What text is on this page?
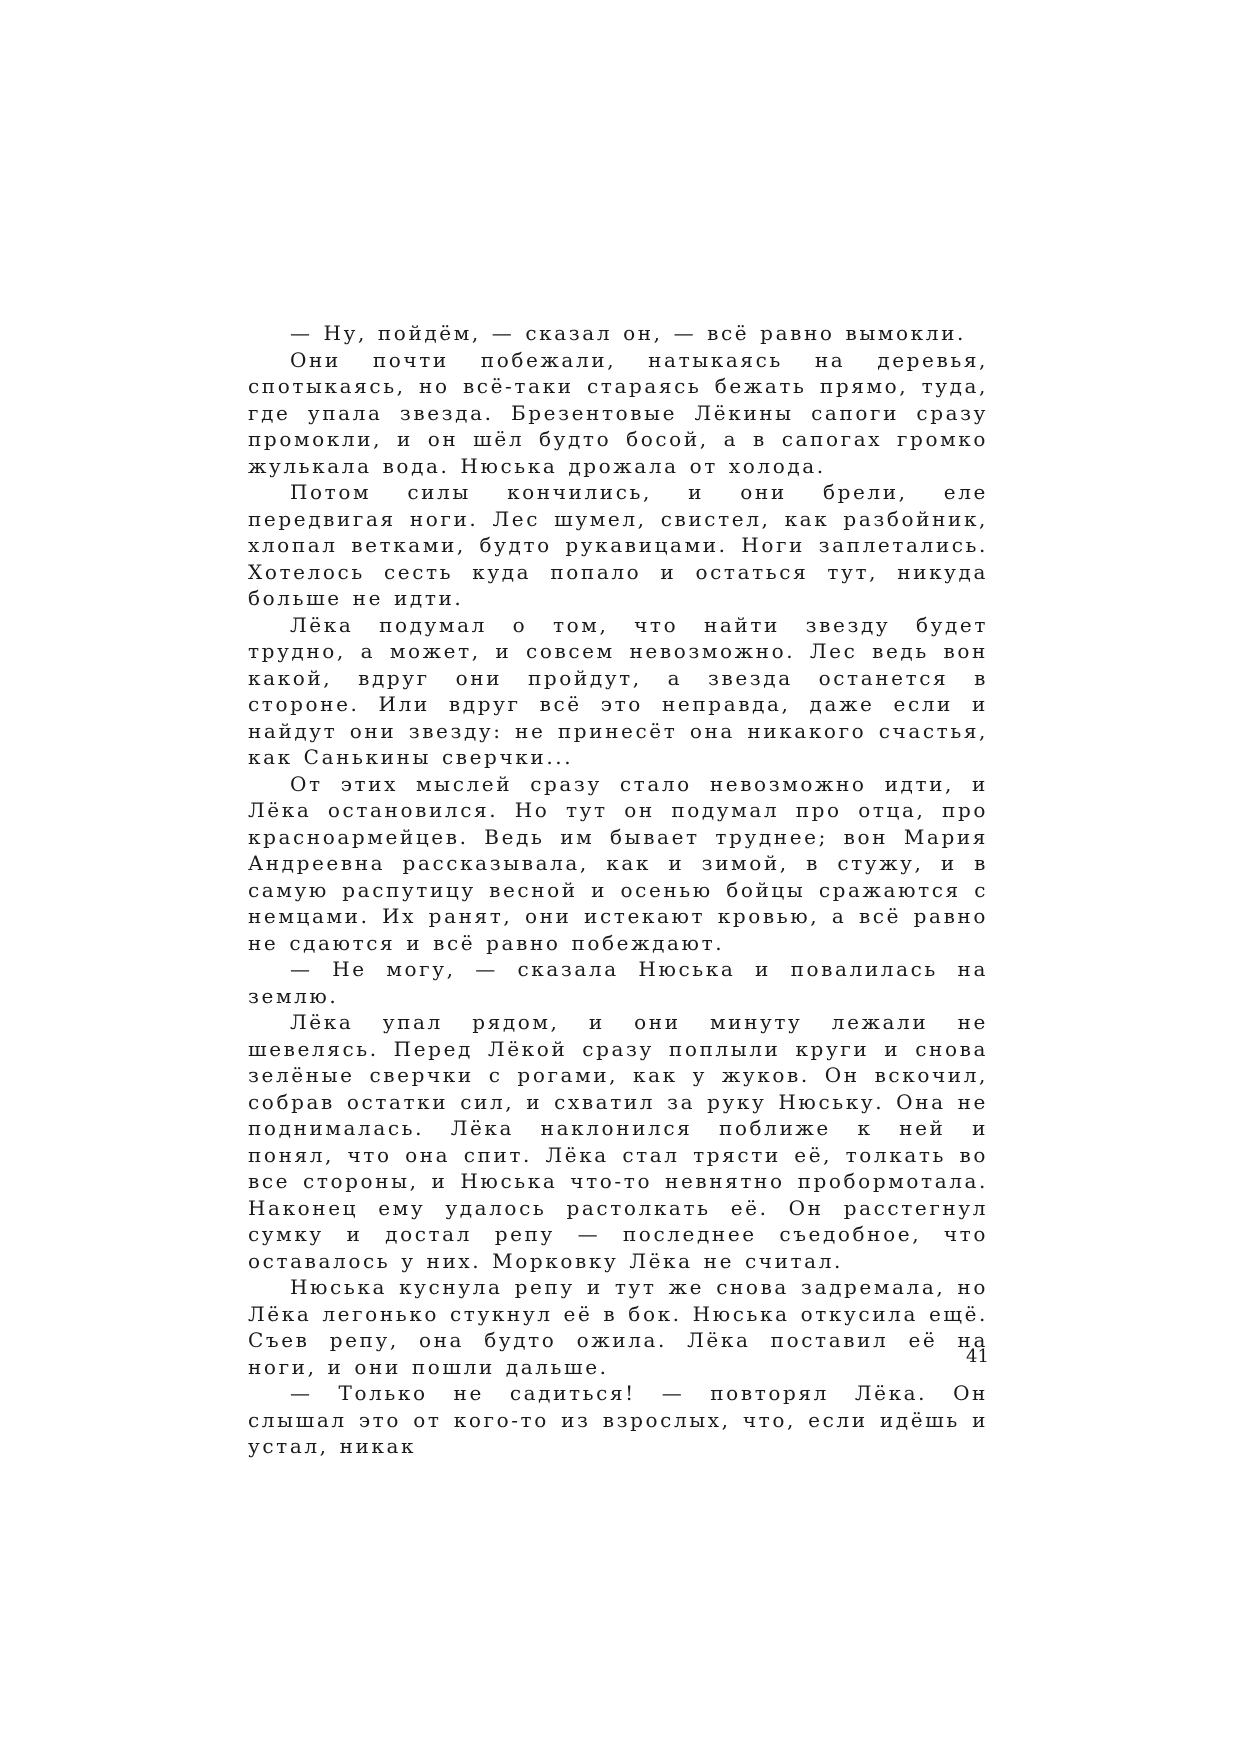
— Ну, пойдём, — сказал он, — всё равно вымокли.

Они почти побежали, натыкаясь на деревья, спотыкаясь, но всё-таки стараясь бежать прямо, туда, где упала звезда. Брезентовые Лёкины сапоги сразу промокли, и он шёл будто босой, а в сапогах громко жулькала вода. Нюська дрожала от холода.

Потом силы кончились, и они брели, еле передвигая ноги. Лес шумел, свистел, как разбойник, хлопал ветками, будто рукавицами. Ноги заплетались. Хотелось сесть куда попало и остаться тут, никуда больше не идти.

Лёка подумал о том, что найти звезду будет трудно, а может, и совсем невозможно. Лес ведь вон какой, вдруг они пройдут, а звезда останется в стороне. Или вдруг всё это неправда, даже если и найдут они звезду: не принесёт она никакого счастья, как Санькины сверчки...

От этих мыслей сразу стало невозможно идти, и Лёка остановился. Но тут он подумал про отца, про красноармейцев. Ведь им бывает труднее; вон Мария Андреевна рассказывала, как и зимой, в стужу, и в самую распутицу весной и осенью бойцы сражаются с немцами. Их ранят, они истекают кровью, а всё равно не сдаются и всё равно побеждают.

— Не могу, — сказала Нюська и повалилась на землю.

Лёка упал рядом, и они минуту лежали не шевелясь. Перед Лёкой сразу поплыли круги и снова зелёные сверчки с рогами, как у жуков. Он вскочил, собрав остатки сил, и схватил за руку Нюську. Она не поднималась. Лёка наклонился поближе к ней и понял, что она спит. Лёка стал трясти её, толкать во все стороны, и Нюська что-то невнятно пробормотала. Наконец ему удалось растолкать её. Он расстегнул сумку и достал репу — последнее съедобное, что оставалось у них. Морковку Лёка не считал.

Нюська куснула репу и тут же снова задремала, но Лёка легонько стукнул её в бок. Нюська откусила ещё. Съев репу, она будто ожила. Лёка поставил её на ноги, и они пошли дальше.

— Только не садиться! — повторял Лёка. Он слышал это от кого-то из взрослых, что, если идёшь и устал, никак

41
